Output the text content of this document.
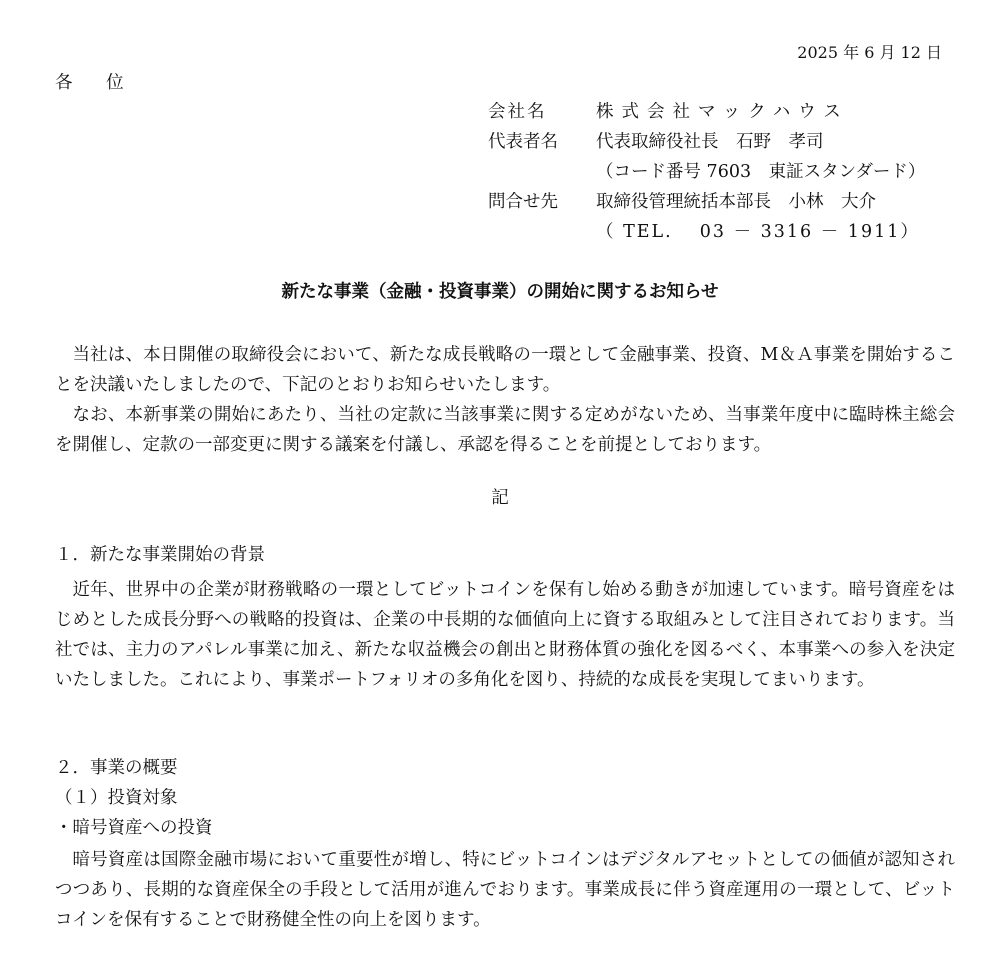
2025 年 6 月 12 日
各 位
会社名	株式会社マックハウス
代表者名 代表取締役社長　石野　孝司
（コード番号 7603　東証スタンダード）
問合せ先 取締役管理統括本部長　小林　大介
（ TEL.　 03 － 3316 － 1911）
新たな事業（金融・投資事業）の開始に関するお知らせ
当社は、本日開催の取締役会において、新たな成長戦略の一環として金融事業、投資、M＆Ａ事業を開始することを決議いたしましたので、下記のとおりお知らせいたします。
なお、本新事業の開始にあたり、当社の定款に当該事業に関する定めがないため、当事業年度中に臨時株主総会を開催し、定款の一部変更に関する議案を付議し、承認を得ることを前提としております。
記
１．新たな事業開始の背景
近年、世界中の企業が財務戦略の一環としてビットコインを保有し始める動きが加速しています。暗号資産をはじめとした成長分野への戦略的投資は、企業の中長期的な価値向上に資する取組みとして注目されております。当社では、主力のアパレル事業に加え、新たな収益機会の創出と財務体質の強化を図るべく、本事業への参入を決定いたしました。これにより、事業ポートフォリオの多角化を図り、持続的な成長を実現してまいります。
２．事業の概要
（１）投資対象
・暗号資産への投資
暗号資産は国際金融市場において重要性が増し、特にビットコインはデジタルアセットとしての価値が認知されつつあり、長期的な資産保全の手段として活用が進んでおります。事業成長に伴う資産運用の一環として、ビットコインを保有することで財務健全性の向上を図ります。
